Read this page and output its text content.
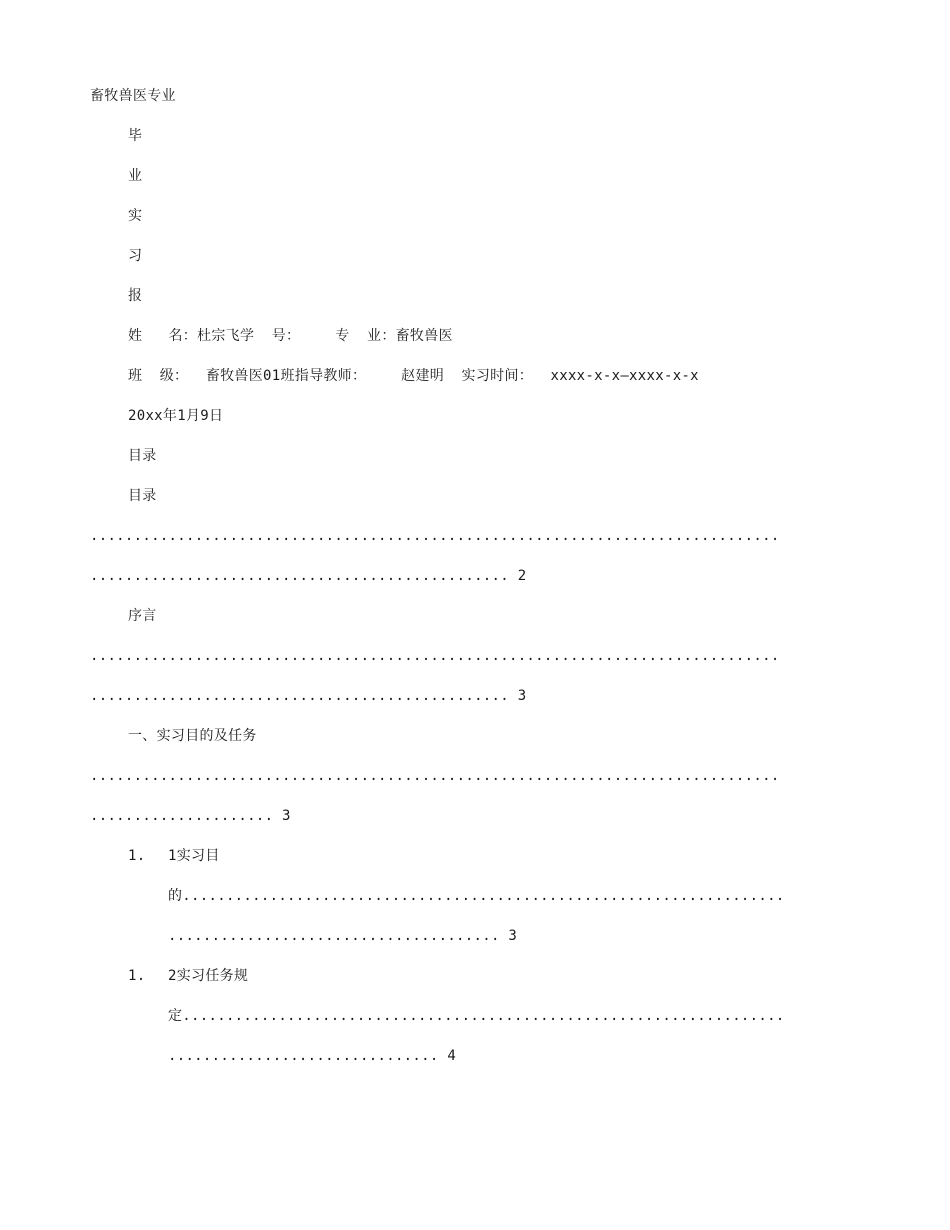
畜牧兽医专业
毕
业
实
习
报
姓   名：杜宗飞学  号：    专  业：畜牧兽医
班  级：  畜牧兽医01班指导教师：    赵建明  实习时间：  xxxx-x-x—xxxx-x-x
20xx年1月9日
目录
目录
...............................................................................
................................................ 2
序言
...............................................................................
................................................ 3
一、实习目的及任务
...............................................................................
..................... 3
1. 1实习目
的.....................................................................
...................................... 3
1. 2实习任务规
定.....................................................................
............................... 4
